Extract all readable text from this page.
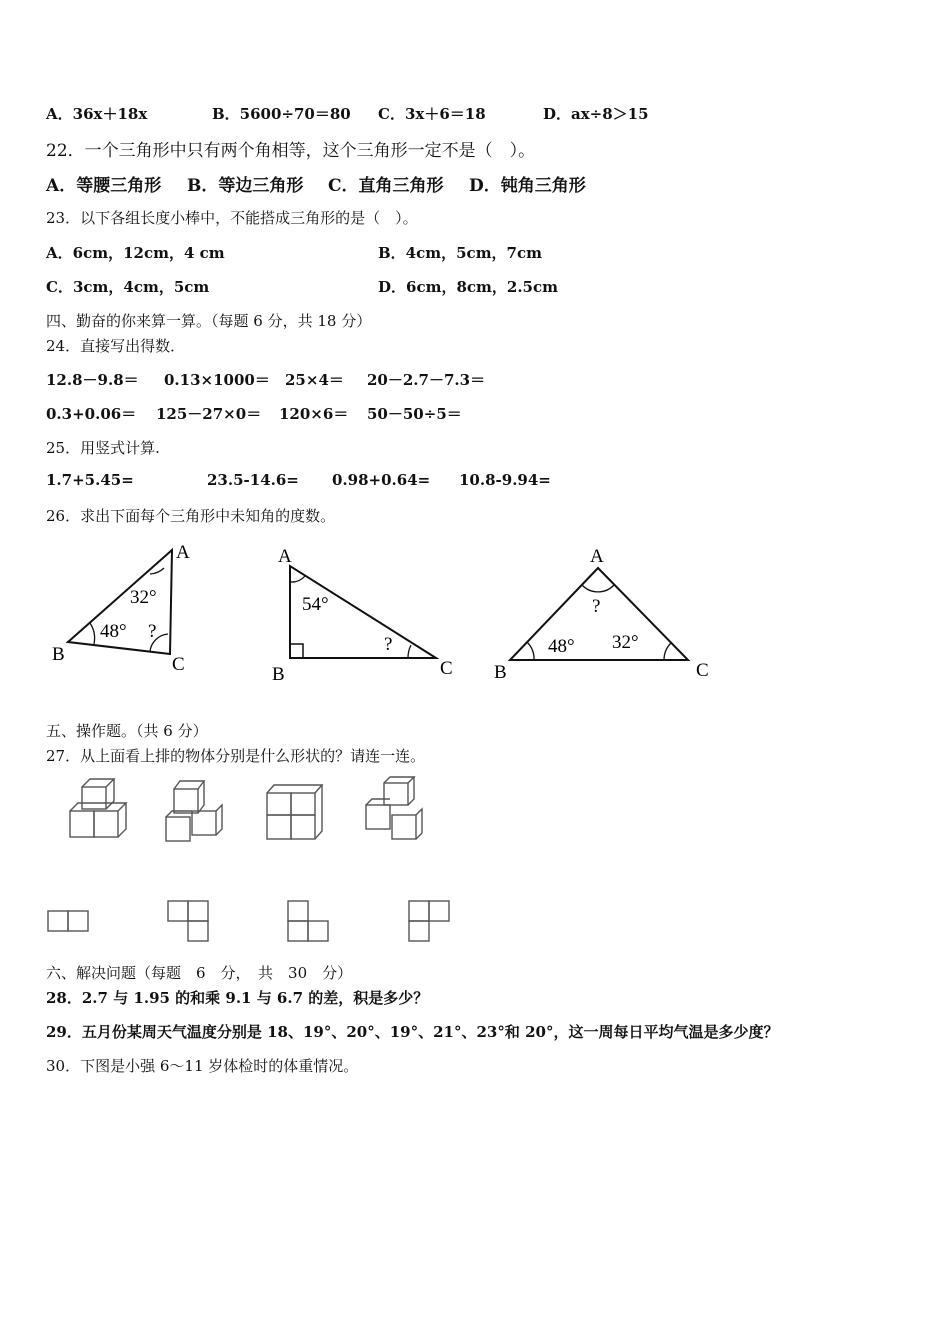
A．36x＋18x	B．5600÷70＝80 C．3x＋6＝18	D．ax÷8＞15
22．一个三角形中只有两个角相等，这个三角形一定不是（　）。
A．等腰三角形 B．等边三角形 C．直角三角形 D．钝角三角形
23．以下各组长度小棒中，不能搭成三角形的是（　）。
A．6cm，12cm，4 cm	B．4cm，5cm，7cm
C．3cm，4cm，5cm	D．6cm，8cm，2.5cm
四、勤奋的你来算一算。（每题 6 分，共 18 分）
24．直接写出得数．
12.8－9.8＝ 0.13×1000＝ 25×4＝ 20－2.7－7.3＝
0.3+0.06＝ 125－27×0＝ 120×6＝ 50－50÷5＝
25．用竖式计算.
1.7+5.45=	23.5-14.6= 0.98+0.64= 10.8-9.94=
26．求出下面每个三角形中未知角的度数。
A
B	C
32°
48° ?
A
B	C
54°
?
A
B	C
?
48° 32°
五、操作题。（共 6 分）
27．从上面看上排的物体分别是什么形状的？请连一连。
六、解决问题（每题　6　分，　共　30　分）
28．2.7 与 1.95 的和乘 9.1 与 6.7 的差，积是多少？
29．五月份某周天气温度分别是 18、19°、20°、19°、21°、23°和 20°，这一周每日平均气温是多少度？
30．下图是小强 6～11 岁体检时的体重情况。
